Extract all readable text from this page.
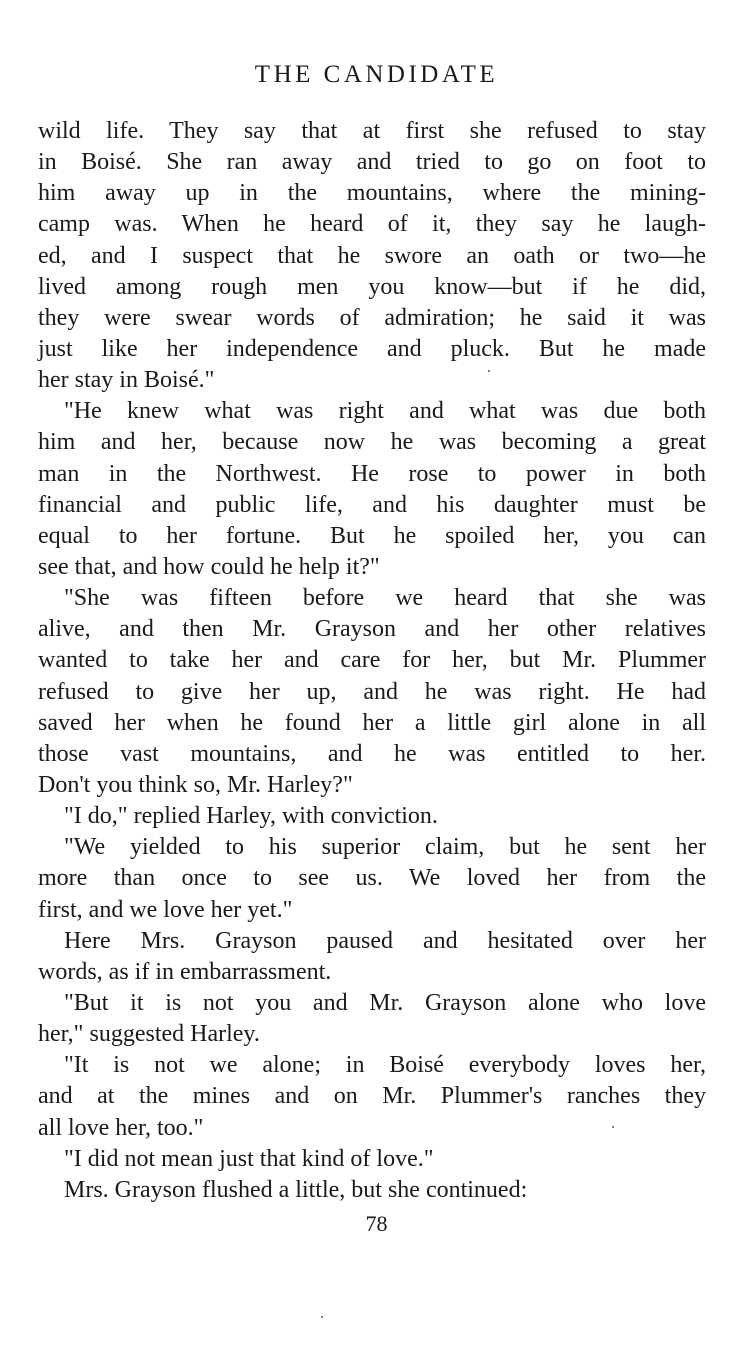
THE CANDIDATE
wild life. They say that at first she refused to stay
in Boisé. She ran away and tried to go on foot to
him away up in the mountains, where the mining-
camp was. When he heard of it, they say he laugh-
ed, and I suspect that he swore an oath or two—he
lived among rough men you know—but if he did,
they were swear words of admiration; he said it was
just like her independence and pluck. But he made
her stay in Boisé."
"He knew what was right and what was due both
him and her, because now he was becoming a great
man in the Northwest. He rose to power in both
financial and public life, and his daughter must be
equal to her fortune. But he spoiled her, you can
see that, and how could he help it?"
"She was fifteen before we heard that she was
alive, and then Mr. Grayson and her other relatives
wanted to take her and care for her, but Mr. Plummer
refused to give her up, and he was right. He had
saved her when he found her a little girl alone in all
those vast mountains, and he was entitled to her.
Don't you think so, Mr. Harley?"
"I do," replied Harley, with conviction.
"We yielded to his superior claim, but he sent her
more than once to see us. We loved her from the
first, and we love her yet."
Here Mrs. Grayson paused and hesitated over her
words, as if in embarrassment.
"But it is not you and Mr. Grayson alone who love
her," suggested Harley.
"It is not we alone; in Boisé everybody loves her,
and at the mines and on Mr. Plummer's ranches they
all love her, too."
"I did not mean just that kind of love."
Mrs. Grayson flushed a little, but she continued:
78
